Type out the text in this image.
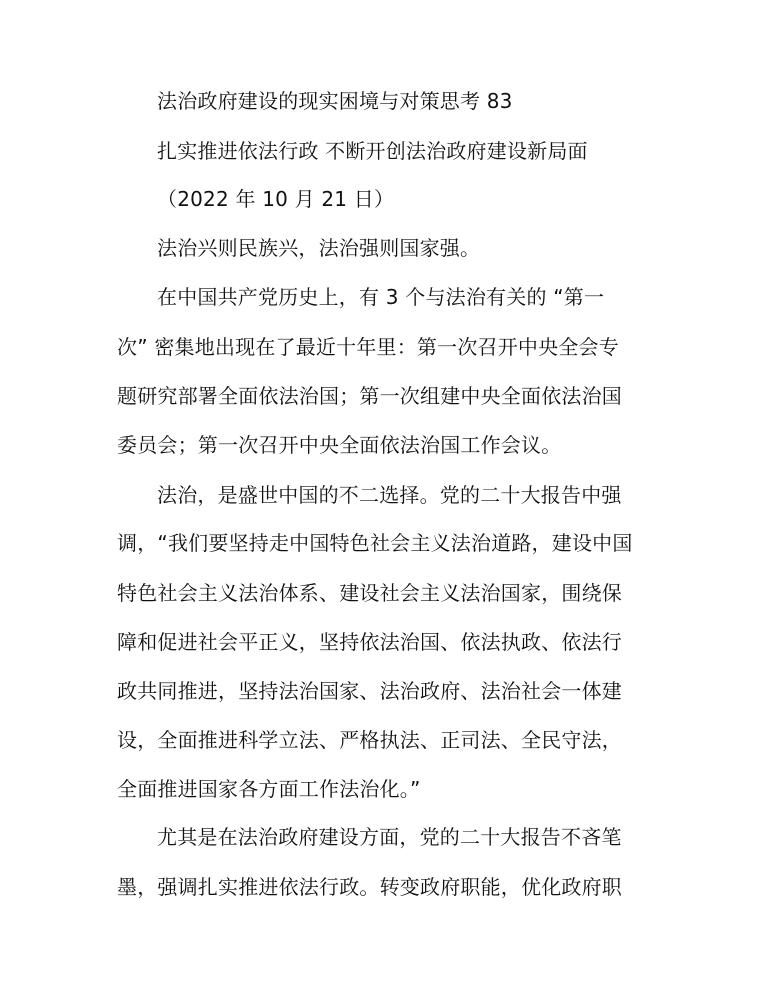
法治政府建设的现实困境与对策思考 83
扎实推进依法行政 不断开创法治政府建设新局面
（2022 年 10 月 21 日）
法治兴则民族兴，法治强则国家强。
在中国共产党历史上，有 3 个与法治有关的 “第一
次” 密集地出现在了最近十年里：第一次召开中央全会专
题研究部署全面依法治国；第一次组建中央全面依法治国
委员会；第一次召开中央全面依法治国工作会议。
法治，是盛世中国的不二选择。党的二十大报告中强
调，“我们要坚持走中国特色社会主义法治道路，建设中国
特色社会主义法治体系、建设社会主义法治国家，围绕保
障和促进社会平正义，坚持依法治国、依法执政、依法行
政共同推进，坚持法治国家、法治政府、法治社会一体建
设，全面推进科学立法、严格执法、正司法、全民守法，
全面推进国家各方面工作法治化。”
尤其是在法治政府建设方面，党的二十大报告不吝笔
墨，强调扎实推进依法行政。转变政府职能，优化政府职
